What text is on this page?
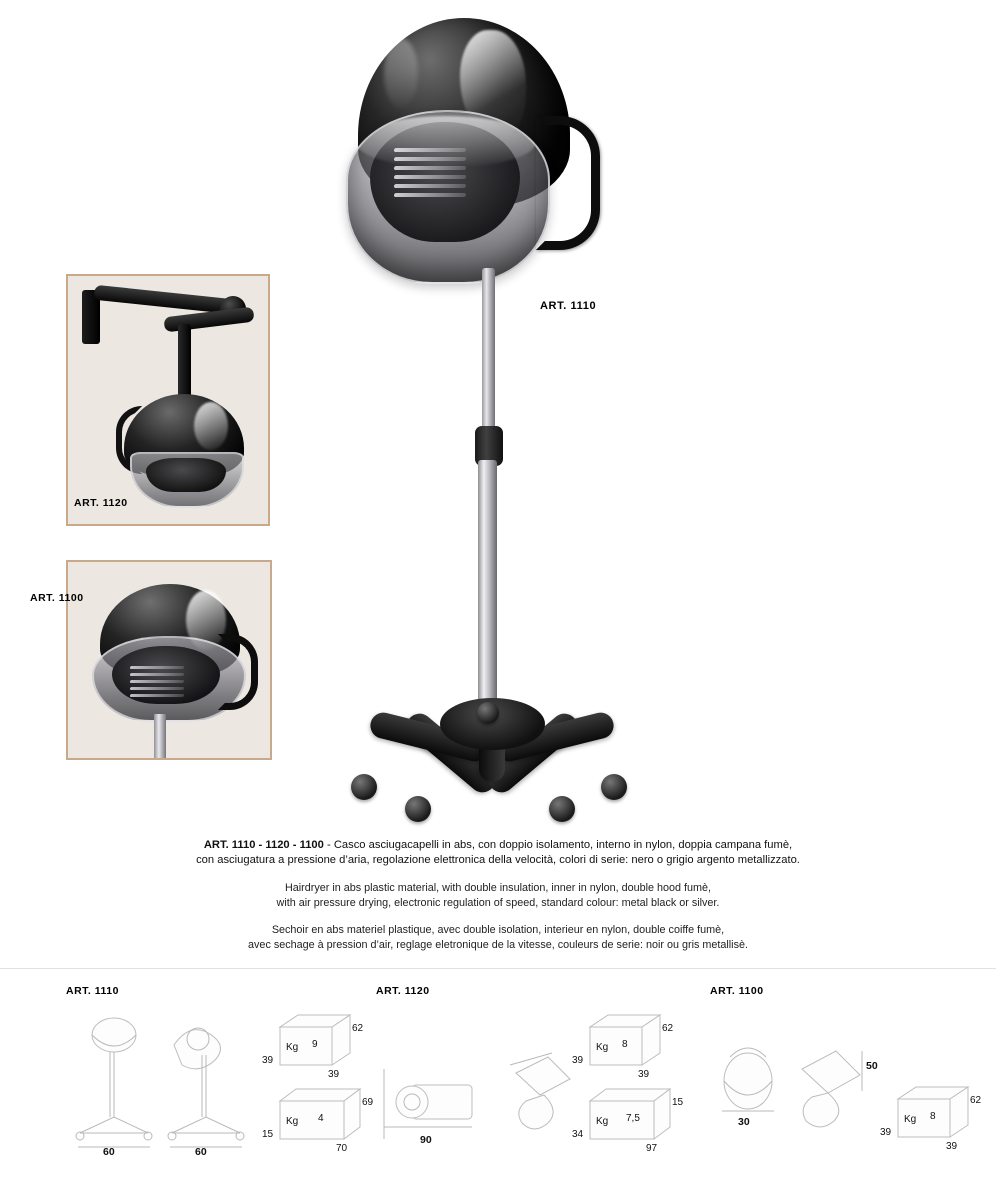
ART. 1110
ART. 1120
ART. 1100
ART. 1110 - 1120 - 1100 - Casco asciugacapelli in abs, con doppio isolamento, interno in nylon, doppia campana fumè,
con asciugatura a pressione d’aria, regolazione elettronica della velocità, colori di serie: nero o grigio argento metallizzato.
Hairdryer in abs plastic material, with double insulation, inner in nylon, double hood fumè,
with air pressure drying, electronic regulation of speed, standard colour: metal black or silver.
Sechoir en abs materiel plastique, avec double isolation, interieur en nylon, double coiffe fumè,
avec sechage à pression d’air, reglage eletronique de la vitesse, couleurs de serie: noir ou gris metallisè.
ART. 1110
60	60
Kg 9
62
39
39
Kg 4
69
15
70
ART. 1120
90
Kg 8
62
39
39
Kg 7,5
15
34
97
ART. 1100
30
50
Kg 8
62
39
39
